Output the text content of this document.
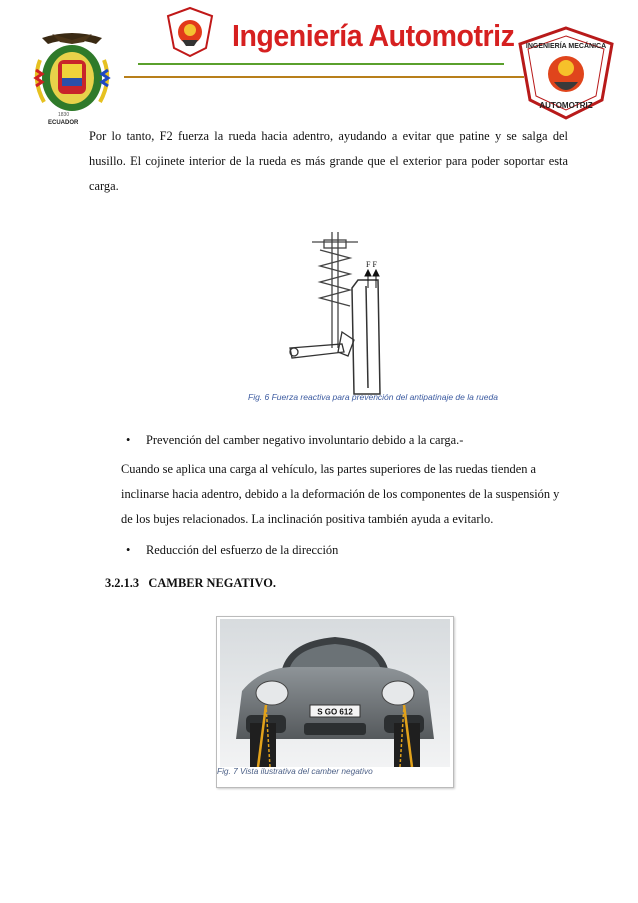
1830
ECUADOR
Ingeniería Automotriz INGENIERÍA MECÁNICA
AUTOMOTRIZ
Por lo tanto, F2 fuerza la rueda hacia adentro, ayudando a evitar que patine y se salga del husillo. El cojinete interior de la rueda es más grande que el exterior para poder soportar esta carga.
F F
Fig. 6 Fuerza reactiva para prevención del antipatinaje de la rueda
• Prevención del camber negativo involuntario debido a la carga.-
Cuando se aplica una carga al vehículo, las partes superiores de las ruedas tienden a inclinarse hacia adentro, debido a la deformación de los componentes de la suspensión y de los bujes relacionados. La inclinación positiva también ayuda a evitarlo.
• Reducción del esfuerzo de la dirección
3.2.1.3   CAMBER NEGATIVO.
S GO 612
Fig. 7 Vista ilustrativa del camber negativo
